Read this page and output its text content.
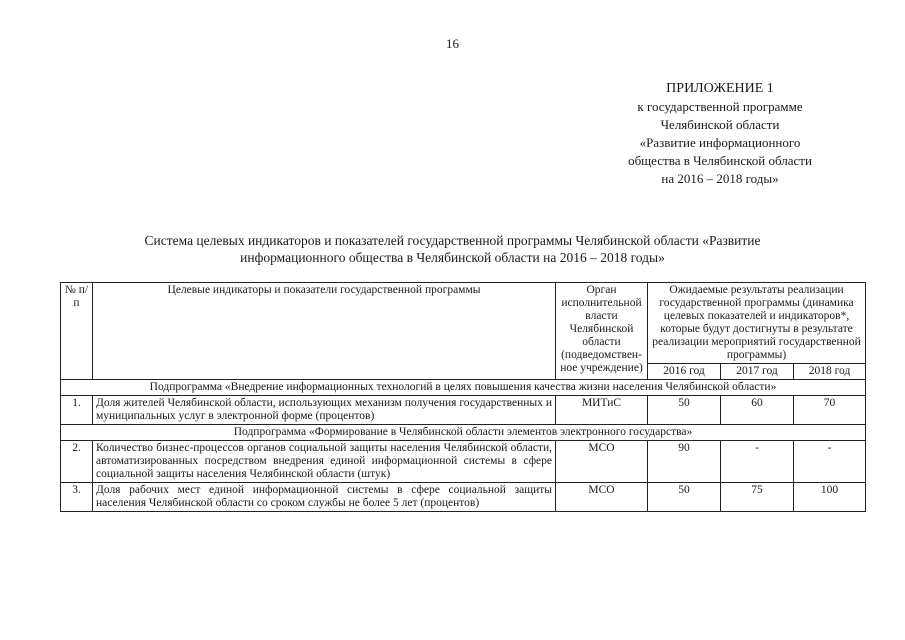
16
ПРИЛОЖЕНИЕ 1
к государственной программе
Челябинской области
«Развитие информационного
общества в Челябинской области
на 2016 – 2018 годы»
Система целевых индикаторов и показателей государственной программы Челябинской области «Развитие
информационного общества в Челябинской области на 2016 – 2018 годы»
№ п/п	Целевые индикаторы и показатели государственной программы	Орган исполнительной власти Челябинской области (подведомствен-ное учреждение)	Ожидаемые результаты реализации государственной программы (динамика целевых показателей и индикаторов*, которые будут достигнуты в результате реализации мероприятий государственной программы)		
			2016 год	2017 год	2018 год
Подпрограмма «Внедрение информационных технологий в целях повышения качества жизни населения Челябинской области»					
1.	Доля жителей Челябинской области, использующих механизм получения государственных и муниципальных услуг в электронной форме (процентов)	МИТиС	50	60	70
Подпрограмма «Формирование в Челябинской области элементов электронного государства»					
2.	Количество бизнес-процессов органов социальной защиты населения Челябинской области, автоматизированных посредством внедрения единой информационной системы в сфере социальной защиты населения Челябинской области (штук)	МСО	90	-	-
3.	Доля рабочих мест единой информационной системы в сфере социальной защиты населения Челябинской области со сроком службы не более 5 лет (процентов)	МСО	50	75	100
